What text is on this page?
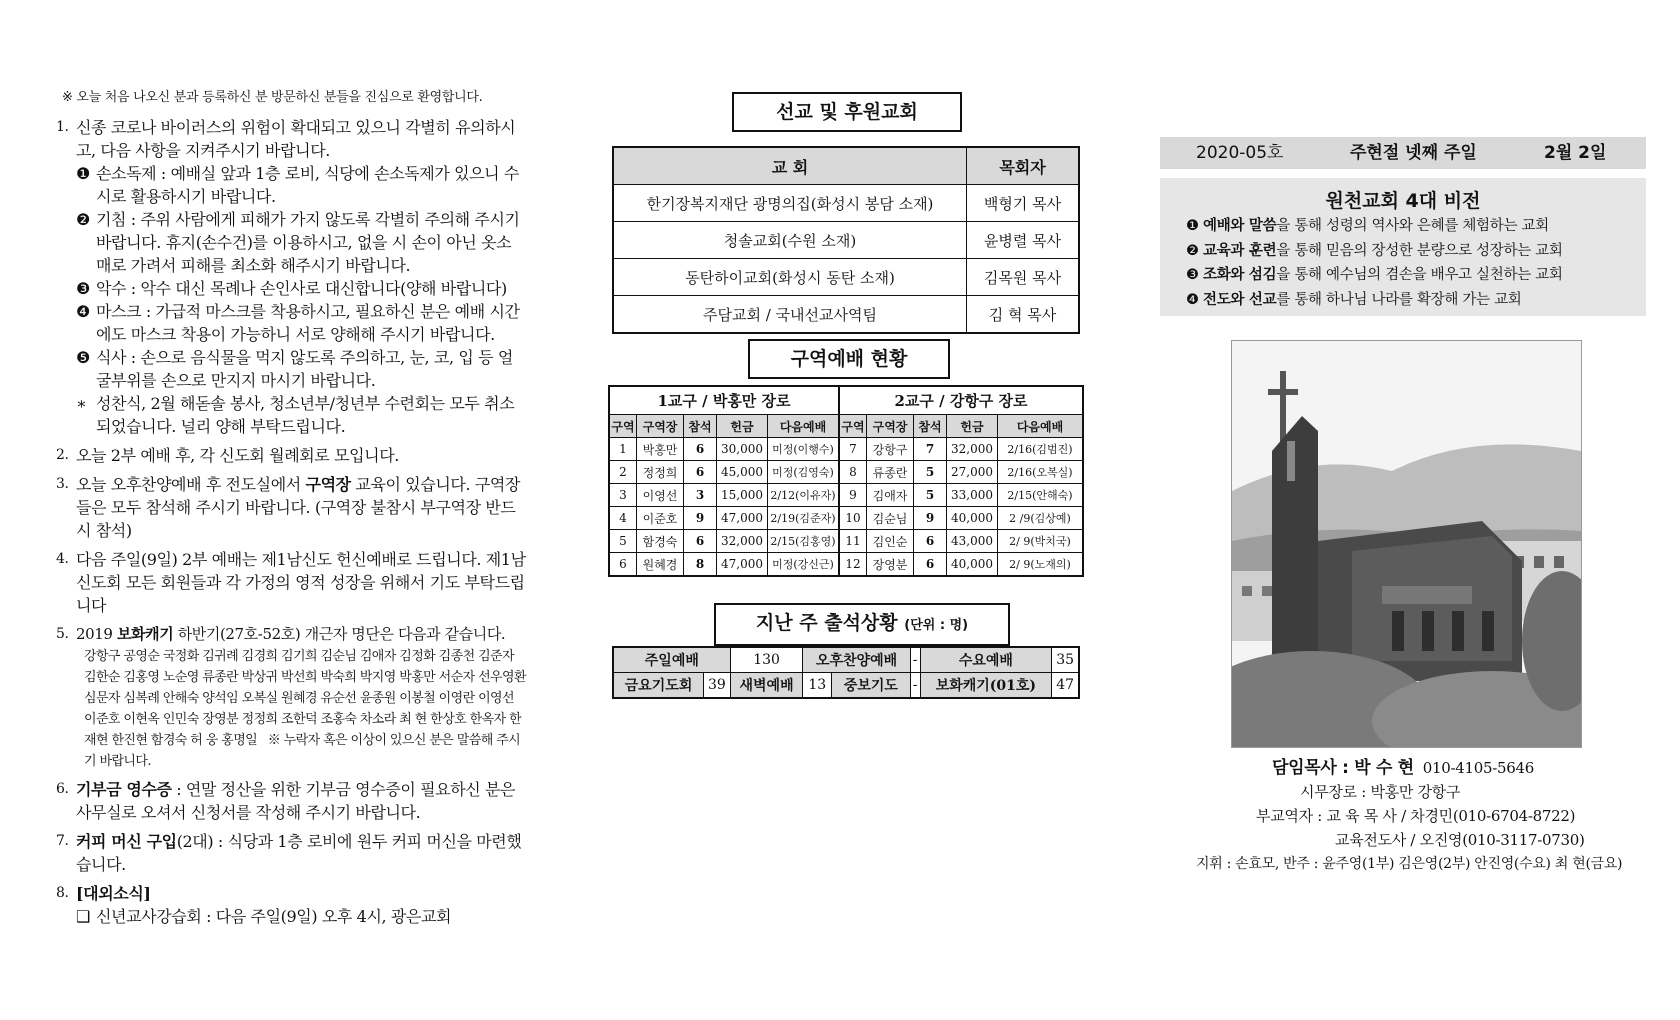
※ 오늘 처음 나오신 분과 등록하신 분 방문하신 분들을 진심으로 환영합니다.
1. 신종 코로나 바이러스의 위험이 확대되고 있으니 각별히 유의하시고, 다음 사항을 지켜주시기 바랍니다.
❶ 손소독제 : 예배실 앞과 1층 로비, 식당에 손소독제가 있으니 수시로 활용하시기 바랍니다.
❷ 기침 : 주위 사람에게 피해가 가지 않도록 각별히 주의해 주시기 바랍니다. 휴지(손수건)를 이용하시고, 없을 시 손이 아닌 옷소매로 가려서 피해를 최소화 해주시기 바랍니다.
❸ 악수 : 악수 대신 목례나 손인사로 대신합니다(양해 바랍니다)
❹ 마스크 : 가급적 마스크를 착용하시고, 필요하신 분은 예배 시간에도 마스크 착용이 가능하니 서로 양해해 주시기 바랍니다.
❺ 식사 : 손으로 음식물을 먹지 않도록 주의하고, 눈, 코, 입 등 얼굴부위를 손으로 만지지 마시기 바랍니다.
∗ 성찬식, 2월 해돋솔 봉사, 청소년부/청년부 수련회는 모두 취소되었습니다. 널리 양해 부탁드립니다.
2. 오늘 2부 예배 후, 각 신도회 월례회로 모입니다.
3. 오늘 오후찬양예배 후 전도실에서 구역장 교육이 있습니다. 구역장들은 모두 참석해 주시기 바랍니다. (구역장 불참시 부구역장 반드시 참석)
4. 다음 주일(9일) 2부 예배는 제1남신도 헌신예배로 드립니다. 제1남신도회 모든 회원들과 각 가정의 영적 성장을 위해서 기도 부탁드립니다
5. 2019 보화캐기 하반기(27호-52호) 개근자 명단은 다음과 같습니다.
강항구 공영순 국정화 김귀례 김경희 김기희 김순님 김애자 김정화 김종천 김준자 김한순 김홍영 노순영 류종란 박상귀 박선희 박숙희 박지영 박홍만 서순자 선우영환 심문자 심복례 안해숙 양석임 오복실 원혜경 유순선 윤종원 이봉철 이영란 이영선 이준호 이현옥 인민숙 장영분 정정희 조한덕 조홍숙 차소라 최 현 한상호 한옥자 한재현 한진현 함경숙 허 웅 홍명일 ※ 누락자 혹은 이상이 있으신 분은 말씀해 주시기 바랍니다.
6. 기부금 영수증 : 연말 정산을 위한 기부금 영수증이 필요하신 분은 사무실로 오셔서 신청서를 작성해 주시기 바랍니다.
7. 커피 머신 구입(2대) : 식당과 1층 로비에 원두 커피 머신을 마련했습니다.
8. [대외소식]
❑ 신년교사강습회 : 다음 주일(9일) 오후 4시, 광은교회
선교 및 후원교회
교 회	목회자
한기장복지재단 광명의집(화성시 봉담 소재)	백형기 목사
청솔교회(수원 소재)	윤병렬 목사
동탄하이교회(화성시 동탄 소재)	김목원 목사
주담교회 / 국내선교사역팀	김 혁 목사
구역예배 현황
1교구 / 박홍만 장로					2교구 / 강항구 장로				
구역	구역장	참석	헌금	다음예배	구역	구역장	참석	헌금	다음예배
1	박홍만	6	30,000	미정(이행수)	7	강항구	7	32,000	2/16(김범진)
2	정정희	6	45,000	미정(김영숙)	8	류종란	5	27,000	2/16(오복실)
3	이영선	3	15,000	2/12(이유자)	9	김애자	5	33,000	2/15(안해숙)
4	이준호	9	47,000	2/19(김준자)	10	김순님	9	40,000	2 /9(김상예)
5	함경숙	6	32,000	2/15(김홍영)	11	김인순	6	43,000	2/ 9(박치국)
6	원혜경	8	47,000	미정(강신근)	12	장영분	6	40,000	2/ 9(노재의)
지난 주 출석상황 (단위 : 명)
주일예배		130	오후찬양예배		-	수요예배	35
금요기도회	39	새벽예배	13	중보기도	-	보화캐기(01호)	47
2020-05호	주현절 넷째 주일	2월 2일
원천교회 4대 비전
❶ 예배와 말씀을 통해 성령의 역사와 은혜를 체험하는 교회
❷ 교육과 훈련을 통해 믿음의 장성한 분량으로 성장하는 교회
❸ 조화와 섬김을 통해 예수님의 겸손을 배우고 실천하는 교회
❹ 전도와 선교를 통해 하나님 나라를 확장해 가는 교회
담임목사 : 박 수 현 010-4105-5646
시무장로 : 박홍만 강항구
부교역자 : 교 육 목 사 / 차경민(010-6704-8722)
교육전도사 / 오진영(010-3117-0730)
지휘 : 손효모, 반주 : 윤주영(1부) 김은영(2부) 안진영(수요) 최 현(금요)
